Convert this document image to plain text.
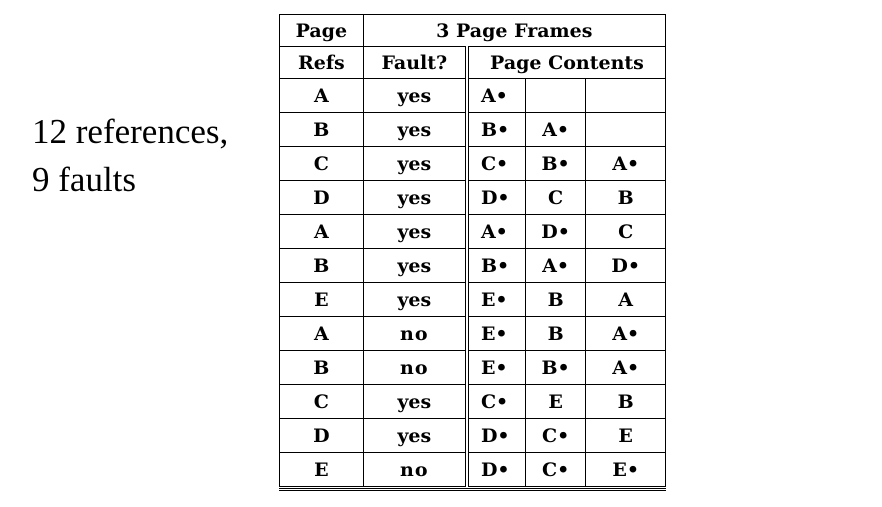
12 references,
9 faults
Page	3 Page Frames			
Refs	Fault?	Page Contents		
A	yes	A•		
B	yes	B•	A•	
C	yes	C•	B•	A•
D	yes	D•	C	B
A	yes	A•	D•	C
B	yes	B•	A•	D•
E	yes	E•	B	A
A	no	E•	B	A•
B	no	E•	B•	A•
C	yes	C•	E	B
D	yes	D•	C•	E
E	no	D•	C•	E•
